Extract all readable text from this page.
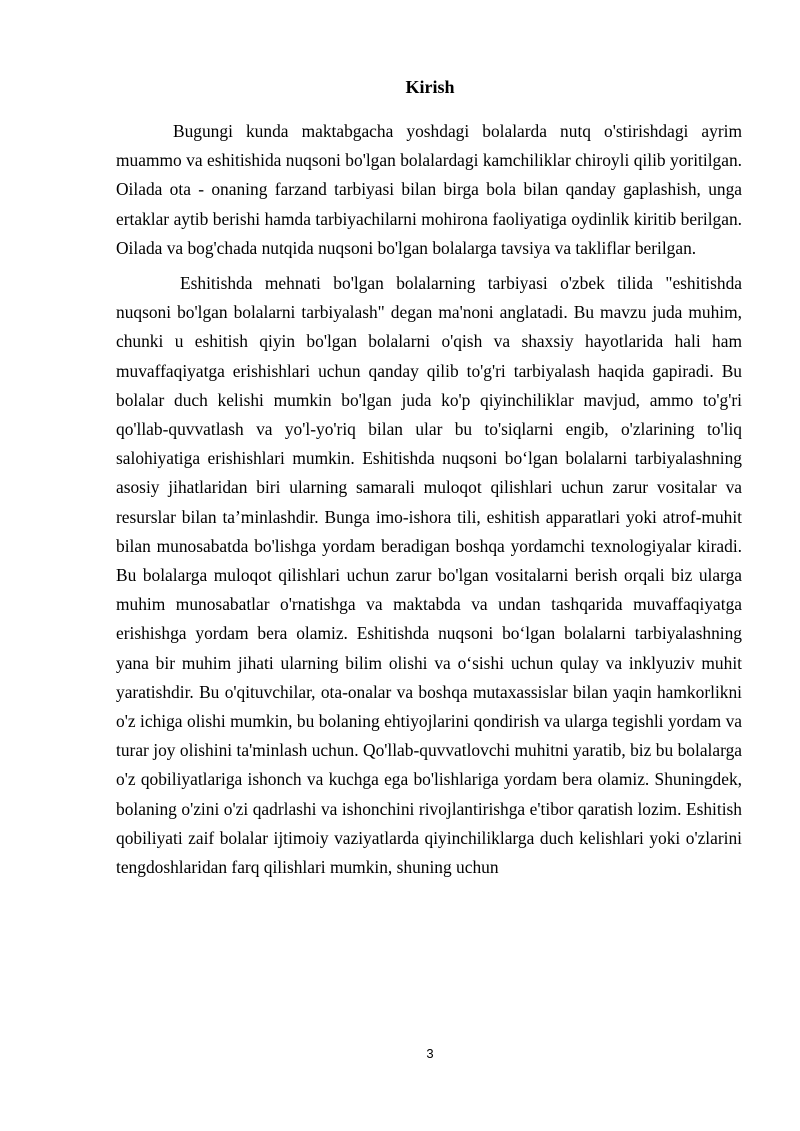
Kirish

Bugungi kunda maktabgacha yoshdagi bolalarda nutq o'stirishdagi ayrim muammo va eshitishida nuqsoni bo'lgan bolalardagi kamchiliklar chiroyli qilib yoritilgan. Oilada ota - onaning farzand tarbiyasi bilan birga bola bilan qanday gaplashish, unga ertaklar aytib berishi hamda tarbiyachilarni mohirona faoliyatiga oydinlik kiritib berilgan. Oilada va bog'chada nutqida nuqsoni bo'lgan bolalarga tavsiya va takliflar berilgan.

Eshitishda mehnati bo'lgan bolalarning tarbiyasi o'zbek tilida "eshitishda nuqsoni bo'lgan bolalarni tarbiyalash" degan ma'noni anglatadi. Bu mavzu juda muhim, chunki u eshitish qiyin bo'lgan bolalarni o'qish va shaxsiy hayotlarida hali ham muvaffaqiyatga erishishlari uchun qanday qilib to'g'ri tarbiyalash haqida gapiradi. Bu bolalar duch kelishi mumkin bo'lgan juda ko'p qiyinchiliklar mavjud, ammo to'g'ri qo'llab-quvvatlash va yo'l-yo'riq bilan ular bu to'siqlarni engib, o'zlarining to'liq salohiyatiga erishishlari mumkin. Eshitishda nuqsoni bo‘lgan bolalarni tarbiyalashning asosiy jihatlaridan biri ularning samarali muloqot qilishlari uchun zarur vositalar va resurslar bilan ta’minlashdir. Bunga imo-ishora tili, eshitish apparatlari yoki atrof-muhit bilan munosabatda bo'lishga yordam beradigan boshqa yordamchi texnologiyalar kiradi. Bu bolalarga muloqot qilishlari uchun zarur bo'lgan vositalarni berish orqali biz ularga muhim munosabatlar o'rnatishga va maktabda va undan tashqarida muvaffaqiyatga erishishga yordam bera olamiz. Eshitishda nuqsoni bo‘lgan bolalarni tarbiyalashning yana bir muhim jihati ularning bilim olishi va o‘sishi uchun qulay va inklyuziv muhit yaratishdir. Bu o'qituvchilar, ota-onalar va boshqa mutaxassislar bilan yaqin hamkorlikni o'z ichiga olishi mumkin, bu bolaning ehtiyojlarini qondirish va ularga tegishli yordam va turar joy olishini ta'minlash uchun. Qo'llab-quvvatlovchi muhitni yaratib, biz bu bolalarga o'z qobiliyatlariga ishonch va kuchga ega bo'lishlariga yordam bera olamiz. Shuningdek, bolaning o'zini o'zi qadrlashi va ishonchini rivojlantirishga e'tibor qaratish lozim. Eshitish qobiliyati zaif bolalar ijtimoiy vaziyatlarda qiyinchiliklarga duch kelishlari yoki o'zlarini tengdoshlaridan farq qilishlari mumkin, shuning uchun

3
